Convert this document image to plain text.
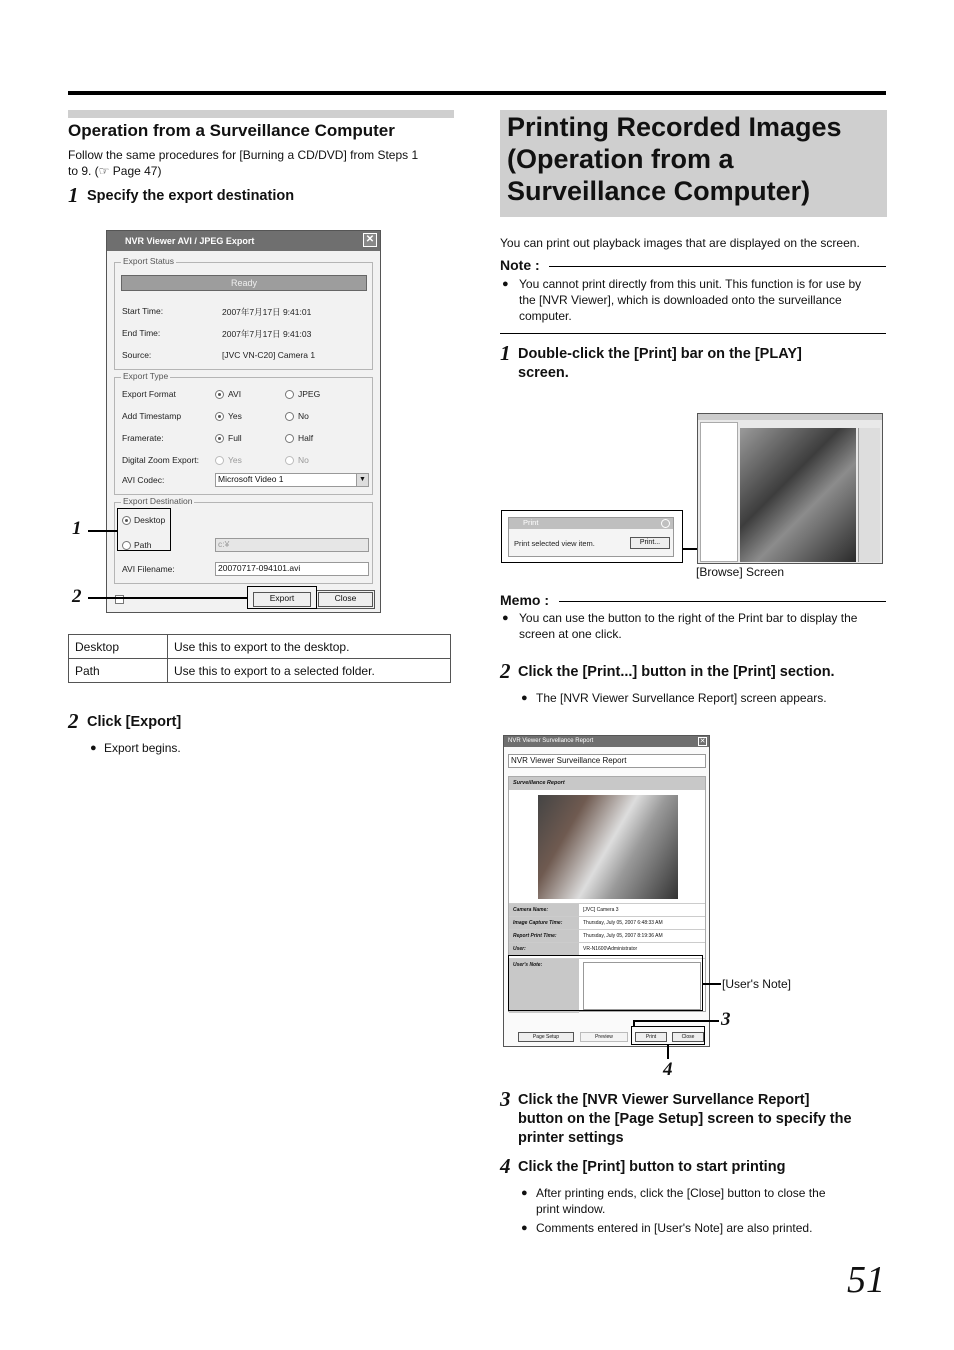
Operation from a Surveillance Computer
Follow the same procedures for [Burning a CD/DVD] from Steps 1
to 9. (☞ Page 47)
1 Specify the export destination
NVR Viewer AVI / JPEG Export	✕
Export Status
Ready
Start Time:	2007年7月17日 9:41:01
End Time:	2007年7月17日 9:41:03
Source:	[JVC VN-C20] Camera 1
Export Type
Export Format	AVI	JPEG
Add Timestamp	Yes	No
Framerate:	Full	Half
Digital Zoom Export:	Yes	No
AVI Codec:	Microsoft Video 1	▼
Export Destination
Desktop
Path	c:¥
AVI Filename:	20070717-094101.avi
Export	Close
1
2
Desktop	Use this to export to the desktop.
Path	Use this to export to a selected folder.
2 Click [Export]
● Export begins.
Printing Recorded Images
(Operation from a
Surveillance Computer)
You can print out playback images that are displayed on the screen.
Note :
● You cannot print directly from this unit. This function is for use by
the [NVR Viewer], which is downloaded onto the surveillance
computer.
1 Double-click the [Print] bar on the [PLAY]
screen.
Print
Print selected view item.	Print...
[Browse] Screen
Memo :
● You can use the button to the right of the Print bar to display the
screen at one click.
2 Click the [Print...] button in the [Print] section.
● The [NVR Viewer Survellance Report] screen appears.
NVR Viewer Survellance Report	✕
NVR Viewer Surveillance Report
Surveillance Report
Camera Name:	[JVC] Camera 3
Image Capture Time:	Thursday, July 05, 2007 6:48:33 AM
Report Print Time:	Thursday, July 05, 2007 8:19:36 AM
User:	VR-N1600\Administrator
User's Note:
Page Setup	Preview	Print	Close
[User's Note]
3
4
3 Click the [NVR Viewer Survellance Report]
button on the [Page Setup] screen to specify the
printer settings
4 Click the [Print] button to start printing
● After printing ends, click the [Close] button to close the
print window.
● Comments entered in [User's Note] are also printed.
51
